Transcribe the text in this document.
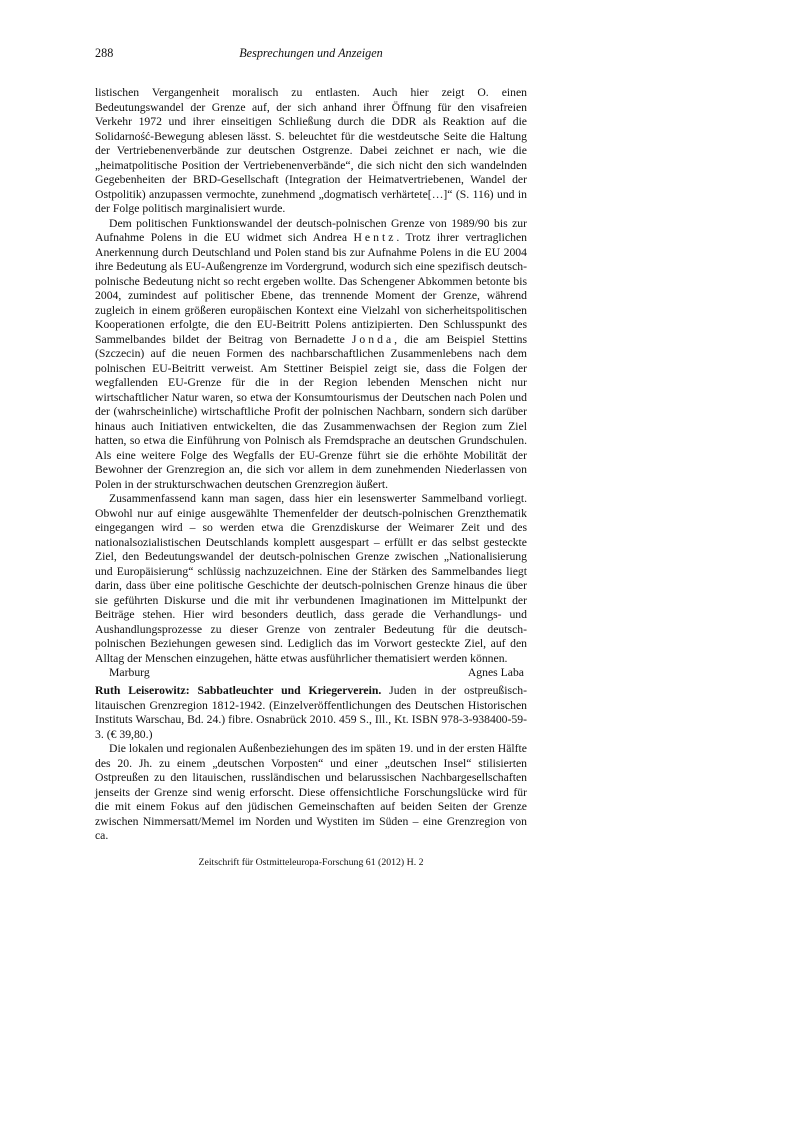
288	Besprechungen und Anzeigen

listischen Vergangenheit moralisch zu entlasten. Auch hier zeigt O. einen Bedeutungswandel der Grenze auf, der sich anhand ihrer Öffnung für den visafreien Verkehr 1972 und ihrer einseitigen Schließung durch die DDR als Reaktion auf die Solidarność-Bewegung ablesen lässt. S. beleuchtet für die westdeutsche Seite die Haltung der Vertriebenenverbände zur deutschen Ostgrenze. Dabei zeichnet er nach, wie die „heimatpolitische Position der Vertriebenenverbände“, die sich nicht den sich wandelnden Gegebenheiten der BRD-Gesellschaft (Integration der Heimatvertriebenen, Wandel der Ostpolitik) anzupassen vermochte, zunehmend „dogmatisch verhärtete[…]“ (S. 116) und in der Folge politisch marginalisiert wurde.

Dem politischen Funktionswandel der deutsch-polnischen Grenze von 1989/90 bis zur Aufnahme Polens in die EU widmet sich Andrea Hentz. Trotz ihrer vertraglichen Anerkennung durch Deutschland und Polen stand bis zur Aufnahme Polens in die EU 2004 ihre Bedeutung als EU-Außengrenze im Vordergrund, wodurch sich eine spezifisch deutsch-polnische Bedeutung nicht so recht ergeben wollte. Das Schengener Abkommen betonte bis 2004, zumindest auf politischer Ebene, das trennende Moment der Grenze, während zugleich in einem größeren europäischen Kontext eine Vielzahl von sicherheitspolitischen Kooperationen erfolgte, die den EU-Beitritt Polens antizipierten. Den Schlusspunkt des Sammelbandes bildet der Beitrag von Bernadette Jonda, die am Beispiel Stettins (Szczecin) auf die neuen Formen des nachbarschaftlichen Zusammenlebens nach dem polnischen EU-Beitritt verweist. Am Stettiner Beispiel zeigt sie, dass die Folgen der wegfallenden EU-Grenze für die in der Region lebenden Menschen nicht nur wirtschaftlicher Natur waren, so etwa der Konsumtourismus der Deutschen nach Polen und der (wahrscheinliche) wirtschaftliche Profit der polnischen Nachbarn, sondern sich darüber hinaus auch Initiativen entwickelten, die das Zusammenwachsen der Region zum Ziel hatten, so etwa die Einführung von Polnisch als Fremdsprache an deutschen Grundschulen. Als eine weitere Folge des Wegfalls der EU-Grenze führt sie die erhöhte Mobilität der Bewohner der Grenzregion an, die sich vor allem in dem zunehmenden Niederlassen von Polen in der strukturschwachen deutschen Grenzregion äußert.

Zusammenfassend kann man sagen, dass hier ein lesenswerter Sammelband vorliegt. Obwohl nur auf einige ausgewählte Themenfelder der deutsch-polnischen Grenzthematik eingegangen wird – so werden etwa die Grenzdiskurse der Weimarer Zeit und des nationalsozialistischen Deutschlands komplett ausgespart – erfüllt er das selbst gesteckte Ziel, den Bedeutungswandel der deutsch-polnischen Grenze zwischen „Nationalisierung und Europäisierung“ schlüssig nachzuzeichnen. Eine der Stärken des Sammelbandes liegt darin, dass über eine politische Geschichte der deutsch-polnischen Grenze hinaus die über sie geführten Diskurse und die mit ihr verbundenen Imaginationen im Mittelpunkt der Beiträge stehen. Hier wird besonders deutlich, dass gerade die Verhandlungs- und Aushandlungsprozesse zu dieser Grenze von zentraler Bedeutung für die deutsch-polnischen Beziehungen gewesen sind. Lediglich das im Vorwort gesteckte Ziel, auf den Alltag der Menschen einzugehen, hätte etwas ausführlicher thematisiert werden können.

Marburg	Agnes Laba

Ruth Leiserowitz: Sabbatleuchter und Kriegerverein. Juden in der ostpreußisch-litauischen Grenzregion 1812-1942. (Einzelveröffentlichungen des Deutschen Historischen Instituts Warschau, Bd. 24.) fibre. Osnabrück 2010. 459 S., Ill., Kt. ISBN 978-3-938400-59-3. (€ 39,80.)

Die lokalen und regionalen Außenbeziehungen des im späten 19. und in der ersten Hälfte des 20. Jh. zu einem „deutschen Vorposten“ und einer „deutschen Insel“ stilisierten Ostpreußen zu den litauischen, russländischen und belarussischen Nachbargesellschaften jenseits der Grenze sind wenig erforscht. Diese offensichtliche Forschungslücke wird für die mit einem Fokus auf den jüdischen Gemeinschaften auf beiden Seiten der Grenze zwischen Nimmersatt/Memel im Norden und Wystiten im Süden – eine Grenzregion von ca.

Zeitschrift für Ostmitteleuropa-Forschung 61 (2012) H. 2
